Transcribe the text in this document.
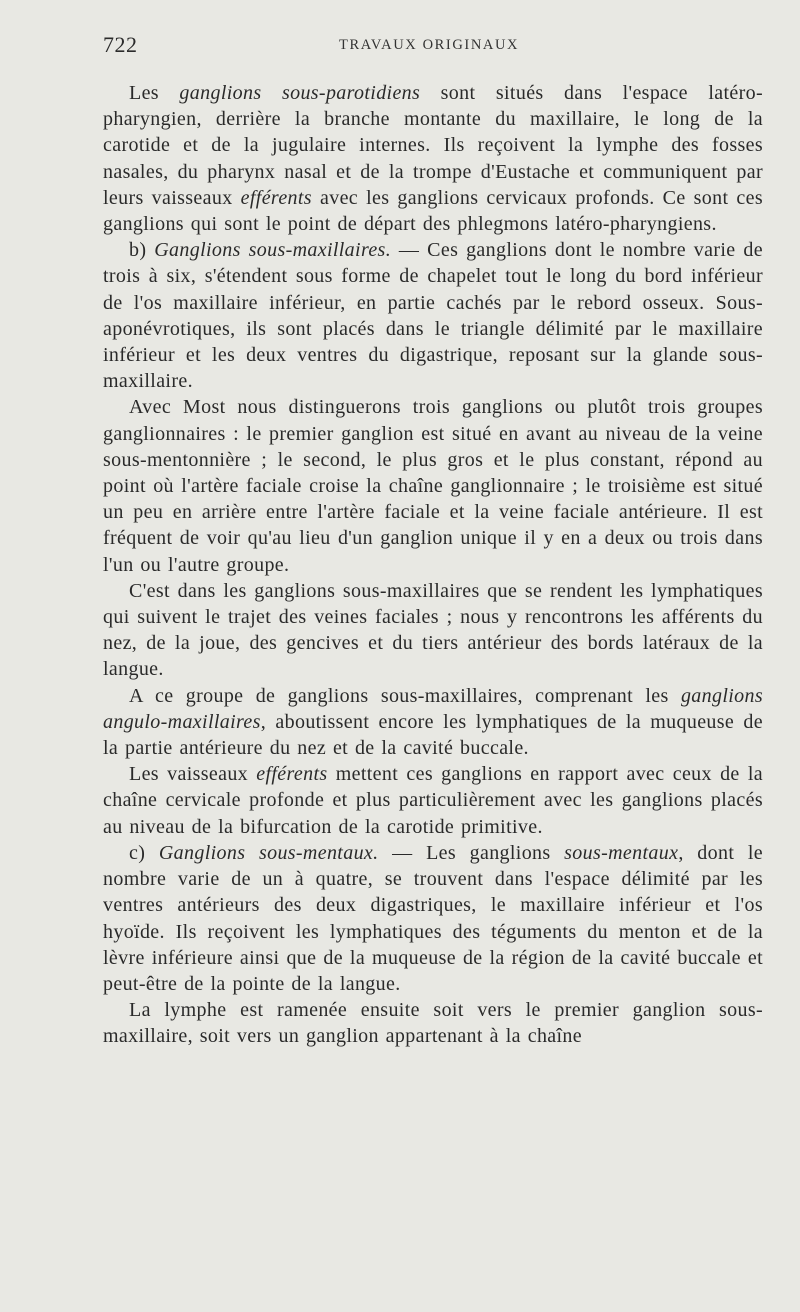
722	TRAVAUX ORIGINAUX

Les ganglions sous-parotidiens sont situés dans l'espace latéro-pharyngien, derrière la branche montante du maxillaire, le long de la carotide et de la jugulaire internes. Ils reçoivent la lymphe des fosses nasales, du pharynx nasal et de la trompe d'Eustache et communiquent par leurs vaisseaux efférents avec les ganglions cervicaux profonds. Ce sont ces ganglions qui sont le point de départ des phlegmons latéro-pharyngiens.

b) Ganglions sous-maxillaires. — Ces ganglions dont le nombre varie de trois à six, s'étendent sous forme de chapelet tout le long du bord inférieur de l'os maxillaire inférieur, en partie cachés par le rebord osseux. Sous-aponévrotiques, ils sont placés dans le triangle délimité par le maxillaire inférieur et les deux ventres du digastrique, reposant sur la glande sous-maxillaire.

Avec Most nous distinguerons trois ganglions ou plutôt trois groupes ganglionnaires : le premier ganglion est situé en avant au niveau de la veine sous-mentonnière ; le second, le plus gros et le plus constant, répond au point où l'artère faciale croise la chaîne ganglionnaire ; le troisième est situé un peu en arrière entre l'artère faciale et la veine faciale antérieure. Il est fréquent de voir qu'au lieu d'un ganglion unique il y en a deux ou trois dans l'un ou l'autre groupe.

C'est dans les ganglions sous-maxillaires que se rendent les lymphatiques qui suivent le trajet des veines faciales ; nous y rencontrons les afférents du nez, de la joue, des gencives et du tiers antérieur des bords latéraux de la langue.

A ce groupe de ganglions sous-maxillaires, comprenant les ganglions angulo-maxillaires, aboutissent encore les lymphatiques de la muqueuse de la partie antérieure du nez et de la cavité buccale.

Les vaisseaux efférents mettent ces ganglions en rapport avec ceux de la chaîne cervicale profonde et plus particulièrement avec les ganglions placés au niveau de la bifurcation de la carotide primitive.

c) Ganglions sous-mentaux. — Les ganglions sous-mentaux, dont le nombre varie de un à quatre, se trouvent dans l'espace délimité par les ventres antérieurs des deux digastriques, le maxillaire inférieur et l'os hyoïde. Ils reçoivent les lymphatiques des téguments du menton et de la lèvre inférieure ainsi que de la muqueuse de la région de la cavité buccale et peut-être de la pointe de la langue.

La lymphe est ramenée ensuite soit vers le premier ganglion sous-maxillaire, soit vers un ganglion appartenant à la chaîne
